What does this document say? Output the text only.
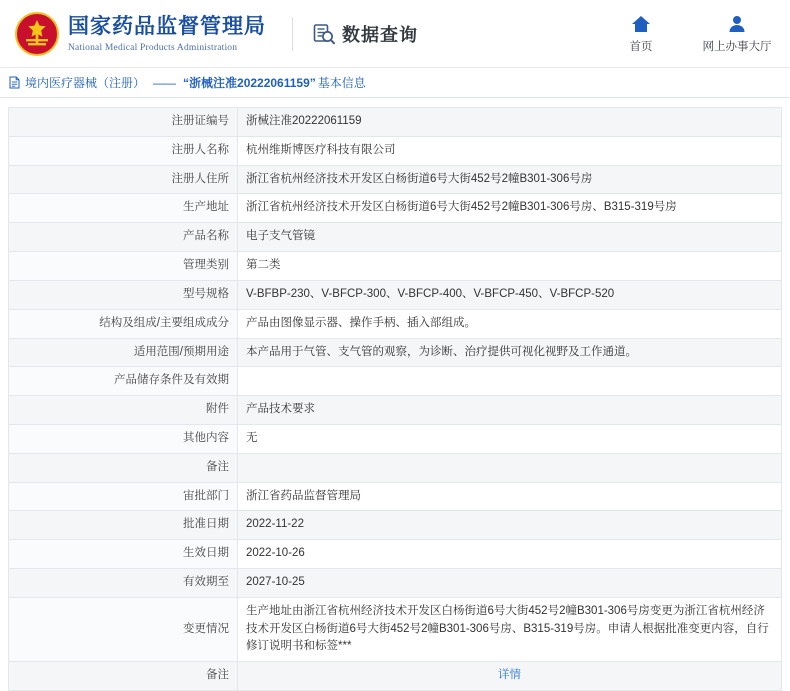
国家药品监督管理局
National Medical Products Administration
数据查询
首页	网上办事大厅
境内医疗器械（注册） —— “浙械注准20222061159” 基本信息
注册证编号	浙械注准20222061159
注册人名称	杭州维斯博医疗科技有限公司
注册人住所	浙江省杭州经济技术开发区白杨街道6号大街452号2幢B301-306号房
生产地址	浙江省杭州经济技术开发区白杨街道6号大街452号2幢B301-306号房、B315-319号房
产品名称	电子支气管镜
管理类别	第二类
型号规格	V-BFBP-230、V-BFCP-300、V-BFCP-400、V-BFCP-450、V-BFCP-520
结构及组成/主要组成成分	产品由图像显示器、操作手柄、插入部组成。
适用范围/预期用途	本产品用于气管、支气管的观察，为诊断、治疗提供可视化视野及工作通道。
产品储存条件及有效期	
附件	产品技术要求
其他内容	无
备注	
宙批部门	浙江省药品监督管理局
批准日期	2022-11-22
生效日期	2022-10-26
有效期至	2027-10-25
变更情况	生产地址由浙江省杭州经济技术开发区白杨街道6号大街452号2幢B301-306号房变更为浙江省杭州经济技术开发区白杨街道6号大街452号2幢B301-306号房、B315-319号房。申请人根据批准变更内容，自行修订说明书和标签***
备注	详情
